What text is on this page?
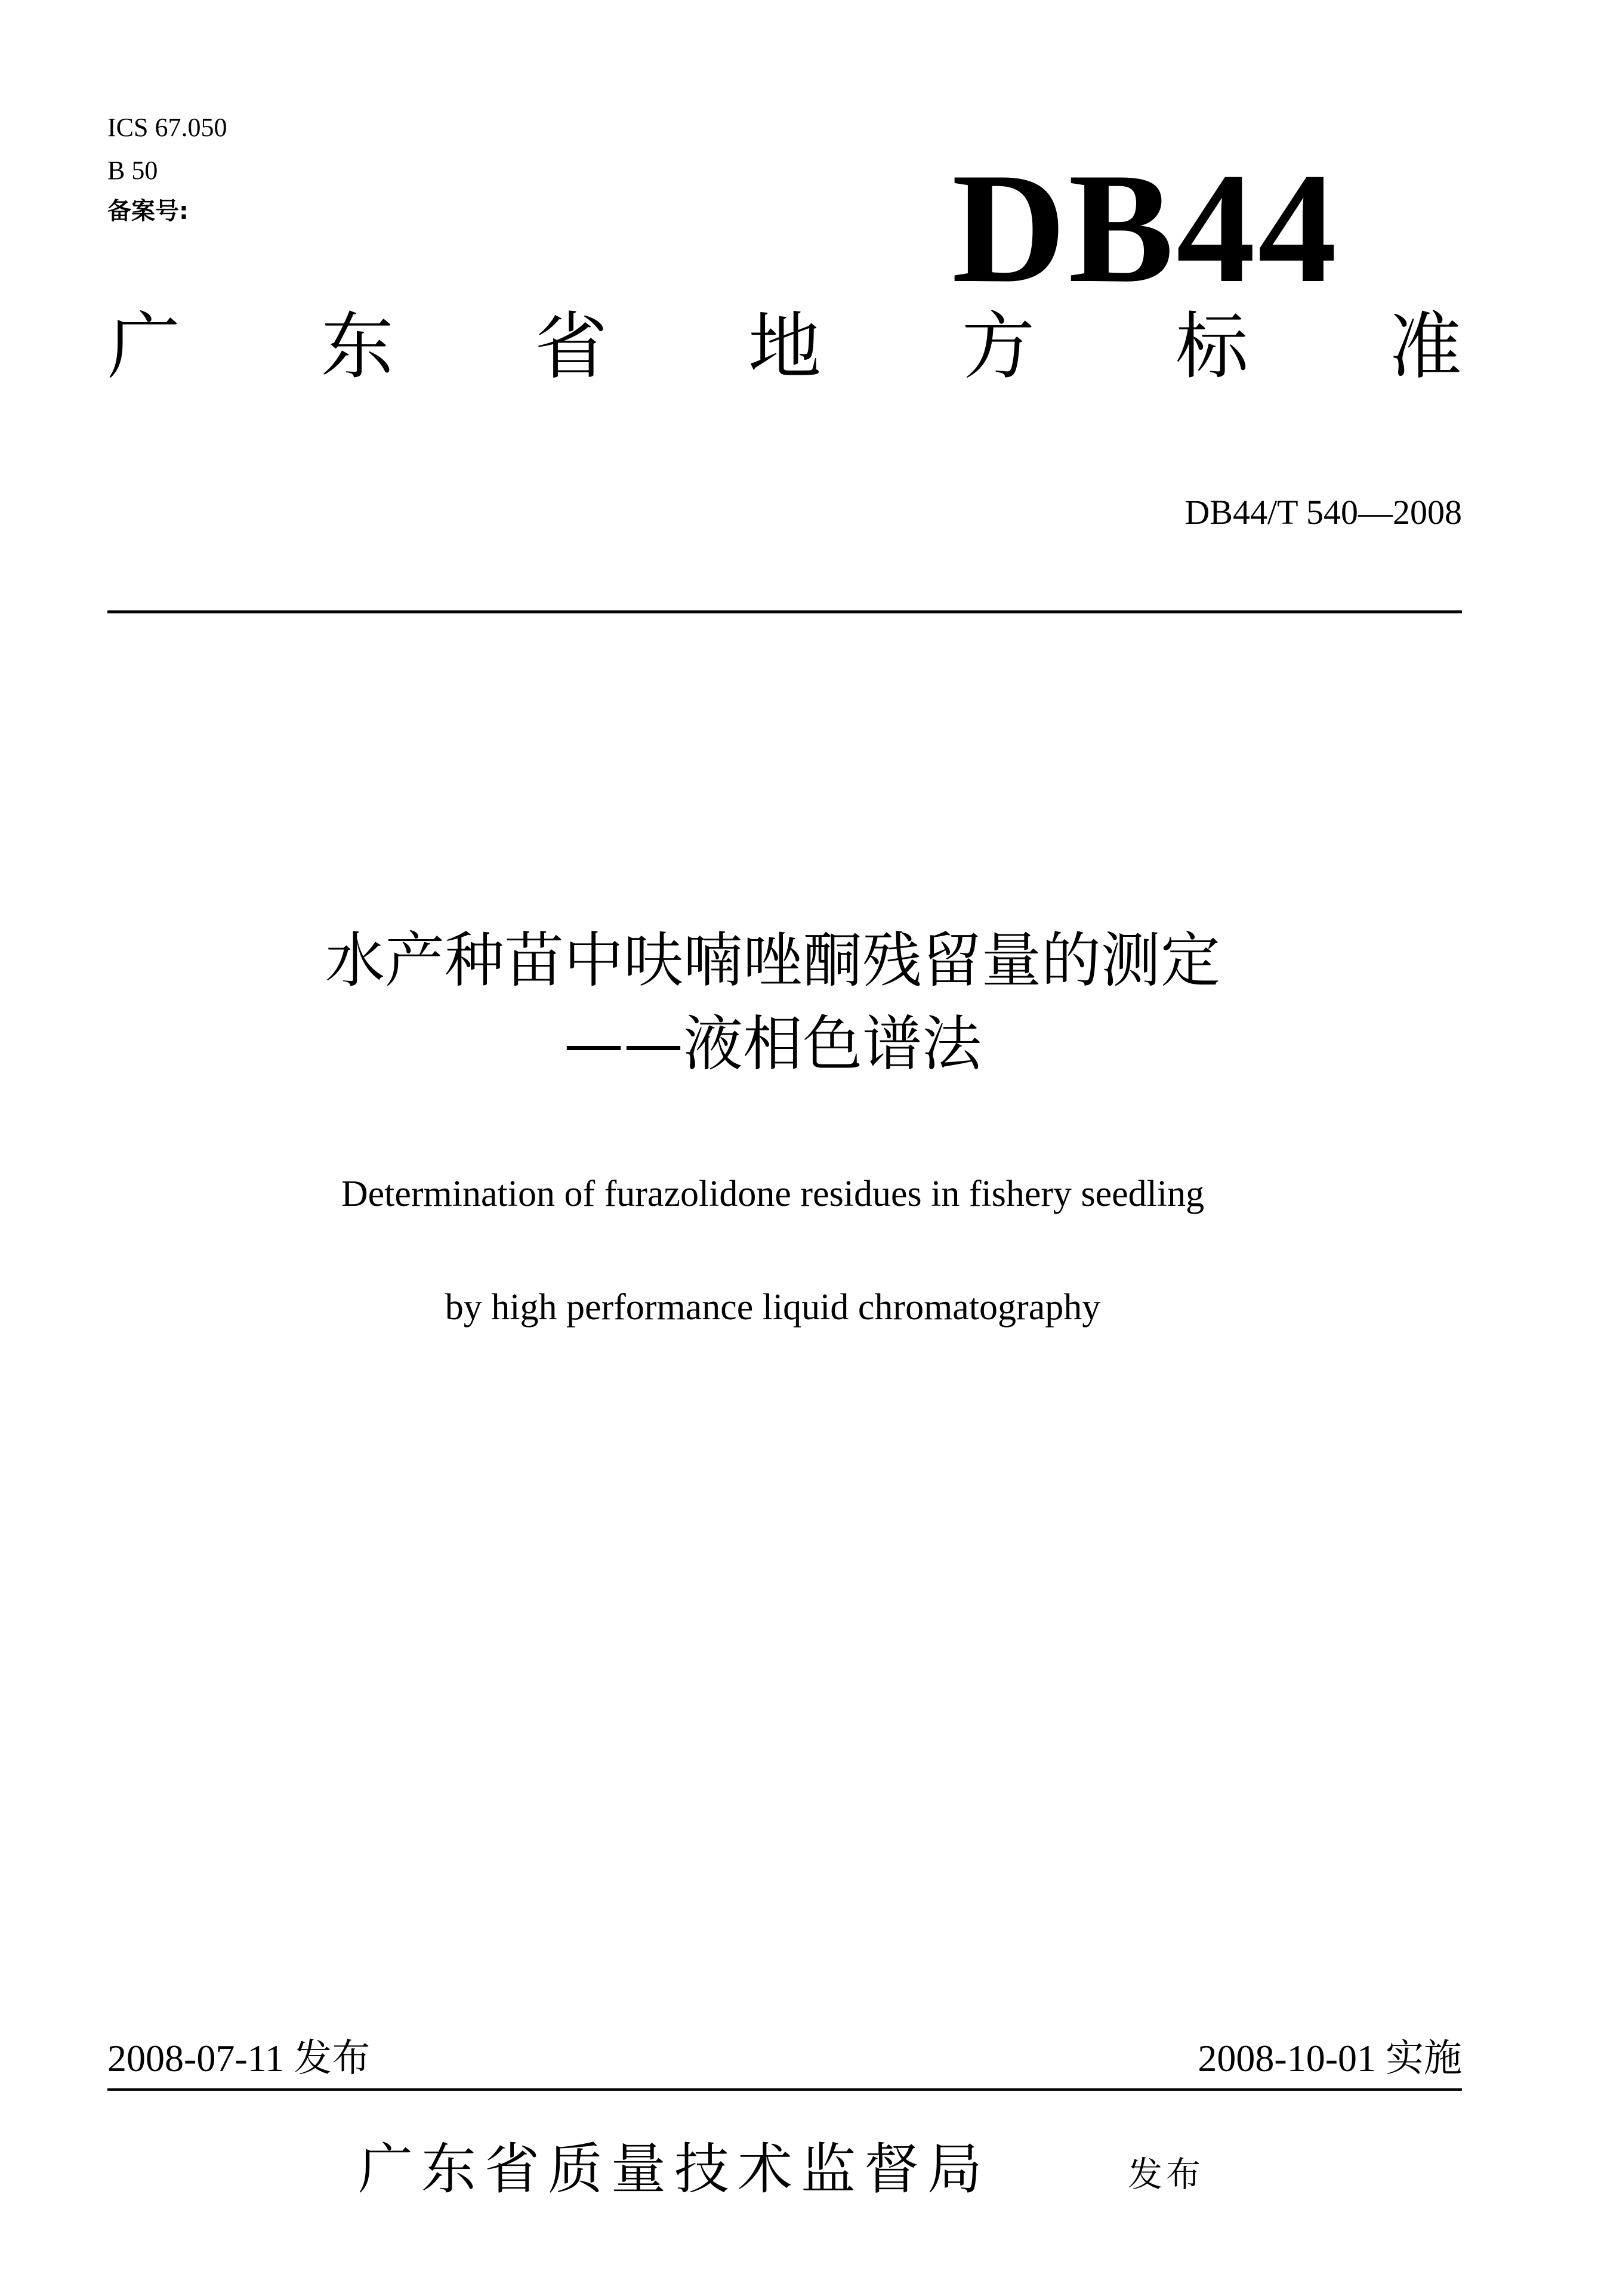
ICS 67.050
B 50
备案号:	DB44
广 东 省 地 方 标 准
DB44/T 540—2008
水产种苗中呋喃唑酮残留量的测定
——液相色谱法
Determination of furazolidone residues in fishery seedling
by high performance liquid chromatography
2008-07-11 发布	2008-10-01 实施
广东省质量技术监督局	发布
